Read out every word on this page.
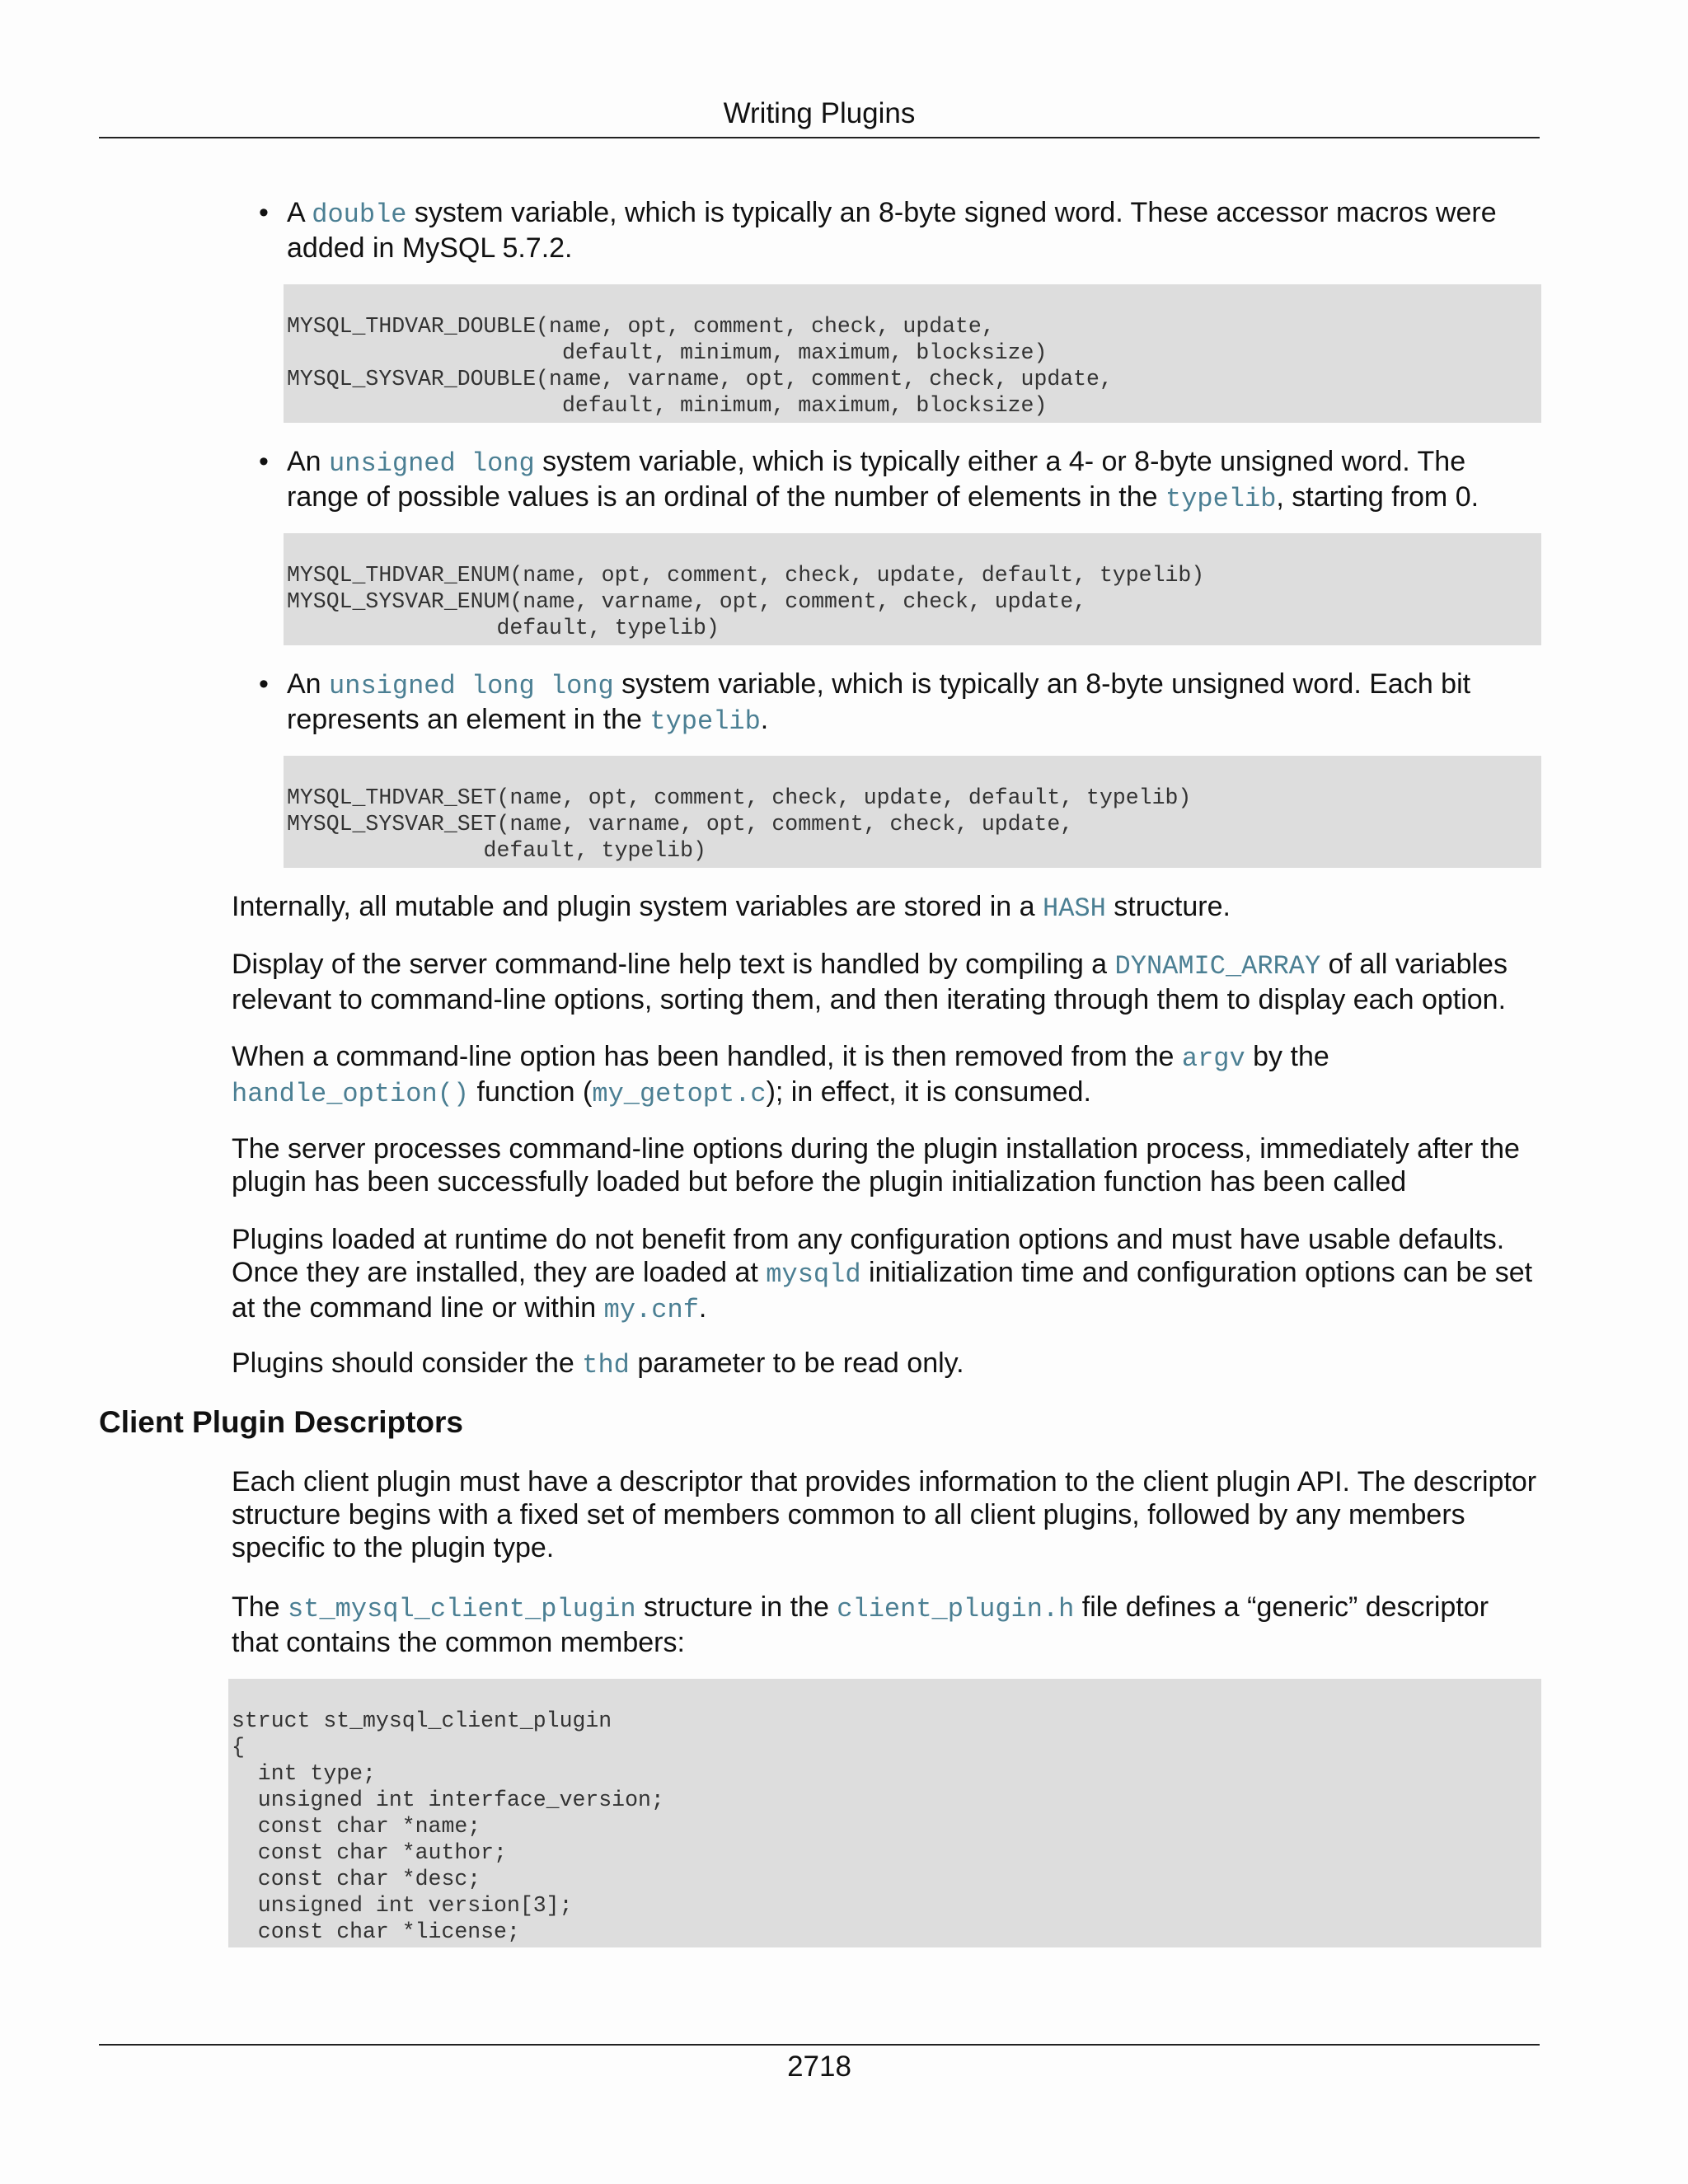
Writing Plugins
• A double system variable, which is typically an 8-byte signed word. These accessor macros were added in MySQL 5.7.2.
MYSQL_THDVAR_DOUBLE(name, opt, comment, check, update,
default, minimum, maximum, blocksize)
MYSQL_SYSVAR_DOUBLE(name, varname, opt, comment, check, update,
default, minimum, maximum, blocksize)
• An unsigned long system variable, which is typically either a 4- or 8-byte unsigned word. The range of possible values is an ordinal of the number of elements in the typelib, starting from 0.
MYSQL_THDVAR_ENUM(name, opt, comment, check, update, default, typelib)
MYSQL_SYSVAR_ENUM(name, varname, opt, comment, check, update,
default, typelib)
• An unsigned long long system variable, which is typically an 8-byte unsigned word. Each bit represents an element in the typelib.
MYSQL_THDVAR_SET(name, opt, comment, check, update, default, typelib)
MYSQL_SYSVAR_SET(name, varname, opt, comment, check, update,
default, typelib)
Internally, all mutable and plugin system variables are stored in a HASH structure.
Display of the server command-line help text is handled by compiling a DYNAMIC_ARRAY of all variables relevant to command-line options, sorting them, and then iterating through them to display each option.
When a command-line option has been handled, it is then removed from the argv by the handle_option() function (my_getopt.c); in effect, it is consumed.
The server processes command-line options during the plugin installation process, immediately after the plugin has been successfully loaded but before the plugin initialization function has been called
Plugins loaded at runtime do not benefit from any configuration options and must have usable defaults. Once they are installed, they are loaded at mysqld initialization time and configuration options can be set at the command line or within my.cnf.
Plugins should consider the thd parameter to be read only.
Client Plugin Descriptors
Each client plugin must have a descriptor that provides information to the client plugin API. The descriptor structure begins with a fixed set of members common to all client plugins, followed by any members specific to the plugin type.
The st_mysql_client_plugin structure in the client_plugin.h file defines a “generic” descriptor that contains the common members:
struct st_mysql_client_plugin
{
int type;
unsigned int interface_version;
const char *name;
const char *author;
const char *desc;
unsigned int version[3];
const char *license;
2718
